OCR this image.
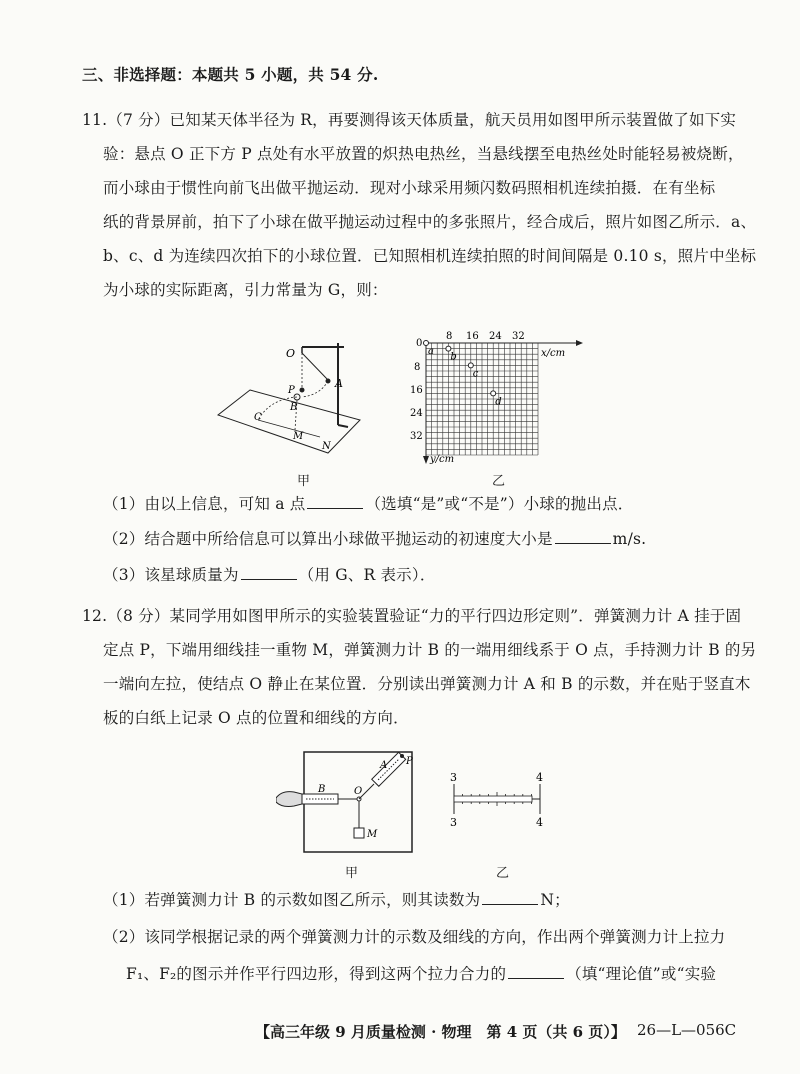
三、非选择题：本题共 5 小题，共 54 分.
11.（7 分）已知某天体半径为 R，再要测得该天体质量，航天员用如图甲所示装置做了如下实
验：悬点 O 正下方 P 点处有水平放置的炽热电热丝，当悬线摆至电热丝处时能轻易被烧断，
而小球由于惯性向前飞出做平抛运动．现对小球采用频闪数码照相机连续拍摄．在有坐标
纸的背景屏前，拍下了小球在做平抛运动过程中的多张照片，经合成后，照片如图乙所示．a、
b、c、d 为连续四次拍下的小球位置．已知照相机连续拍照的时间间隔是 0.10 s，照片中坐标
为小球的实际距离，引力常量为 G，则：
O
A
P
B
C
M
N
甲
0
8 16 24 32
x/cm
8
16
24
32
y/cm
a
b
c
d
乙
（1）由以上信息，可知 a 点	（选填“是”或“不是”）小球的抛出点．
（2）结合题中所给信息可以算出小球做平抛运动的初速度大小是	m/s.
（3）该星球质量为	（用 G、R 表示）．
12.（8 分）某同学用如图甲所示的实验装置验证“力的平行四边形定则”．弹簧测力计 A 挂于固
定点 P，下端用细线挂一重物 M，弹簧测力计 B 的一端用细线系于 O 点，手持测力计 B 的另
一端向左拉，使结点 O 静止在某位置．分别读出弹簧测力计 A 和 B 的示数，并在贴于竖直木
板的白纸上记录 O 点的位置和细线的方向．
B	O
A P
M
甲
3	4
3	4
乙
（1）若弹簧测力计 B 的示数如图乙所示，则其读数为	N；
（2）该同学根据记录的两个弹簧测力计的示数及细线的方向，作出两个弹簧测力计上拉力
F₁、F₂的图示并作平行四边形，得到这两个拉力合力的	（填“理论值”或“实验
【高三年级 9 月质量检测 · 物理　第 4 页（共 6 页）】 26—L—056C
